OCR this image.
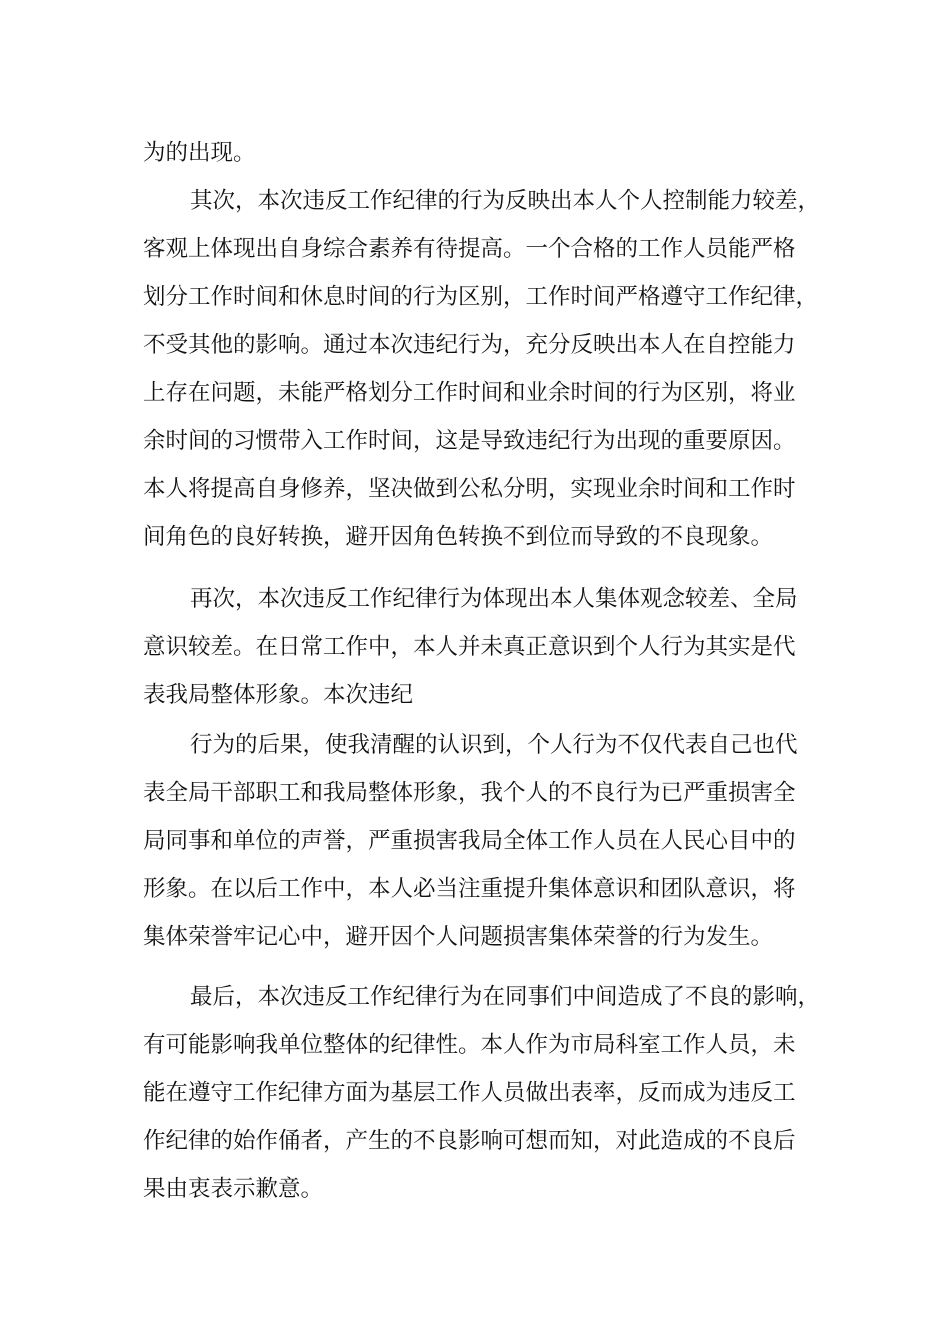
为的出现。

其次，本次违反工作纪律的行为反映出本人个人控制能力较差，

客观上体现出自身综合素养有待提高。一个合格的工作人员能严格

划分工作时间和休息时间的行为区别，工作时间严格遵守工作纪律，

不受其他的影响。通过本次违纪行为，充分反映出本人在自控能力

上存在问题，未能严格划分工作时间和业余时间的行为区别，将业

余时间的习惯带入工作时间，这是导致违纪行为出现的重要原因。

本人将提高自身修养，坚决做到公私分明，实现业余时间和工作时

间角色的良好转换，避开因角色转换不到位而导致的不良现象。

再次，本次违反工作纪律行为体现出本人集体观念较差、全局

意识较差。在日常工作中，本人并未真正意识到个人行为其实是代

表我局整体形象。本次违纪

行为的后果，使我清醒的认识到，个人行为不仅代表自己也代

表全局干部职工和我局整体形象，我个人的不良行为已严重损害全

局同事和单位的声誉，严重损害我局全体工作人员在人民心目中的

形象。在以后工作中，本人必当注重提升集体意识和团队意识，将

集体荣誉牢记心中，避开因个人问题损害集体荣誉的行为发生。

最后，本次违反工作纪律行为在同事们中间造成了不良的影响，

有可能影响我单位整体的纪律性。本人作为市局科室工作人员，未

能在遵守工作纪律方面为基层工作人员做出表率，反而成为违反工

作纪律的始作俑者，产生的不良影响可想而知，对此造成的不良后

果由衷表示歉意。
